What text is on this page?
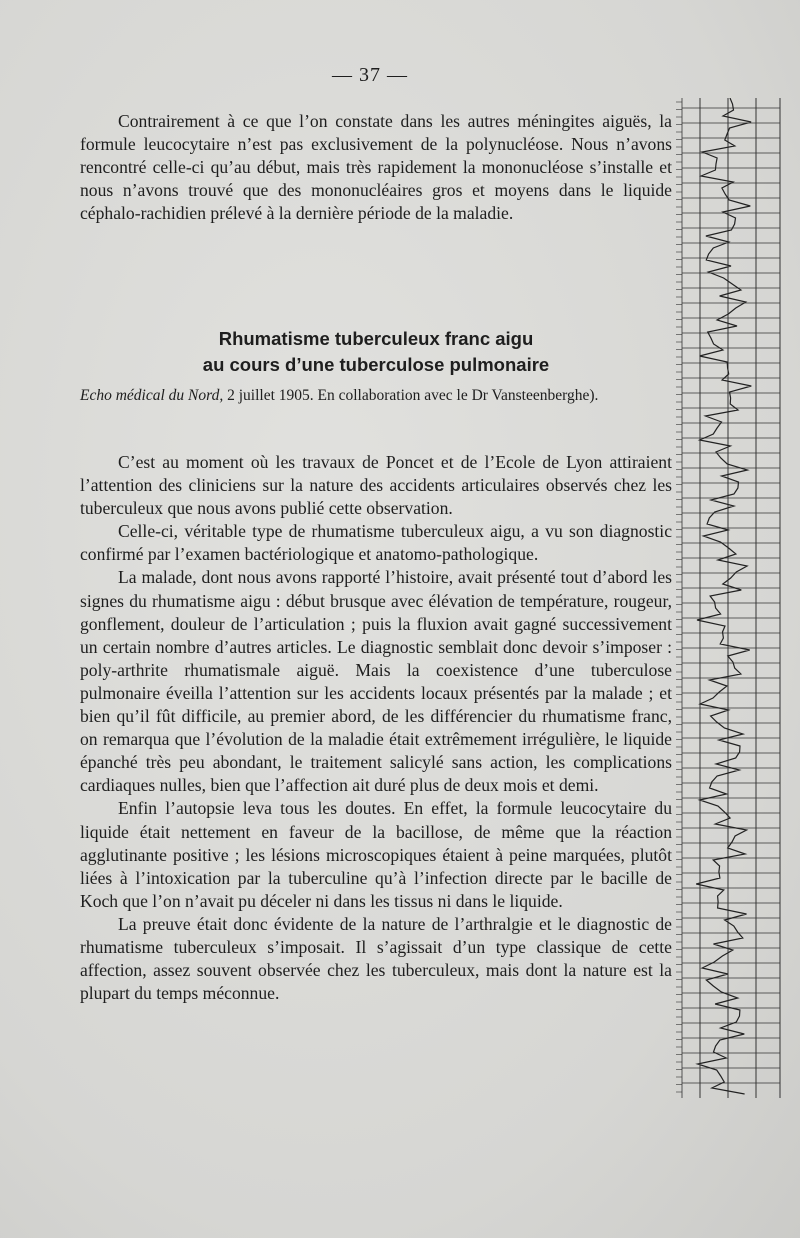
— 37 —

Contrairement à ce que l’on constate dans les autres méningites aiguës, la formule leucocytaire n’est pas exclusivement de la polynucléose. Nous n’avons rencontré celle-ci qu’au début, mais très rapidement la mononucléose s’installe et nous n’avons trouvé que des mononucléaires gros et moyens dans le liquide céphalo-rachidien prélevé à la dernière période de la maladie.

Rhumatisme tuberculeux franc aigu
au cours d’une tuberculose pulmonaire
Echo médical du Nord, 2 juillet 1905. En collaboration avec le Dr Vansteenberghe).

C’est au moment où les travaux de Poncet et de l’Ecole de Lyon attiraient l’attention des cliniciens sur la nature des accidents articulaires observés chez les tuberculeux que nous avons publié cette observation.

Celle-ci, véritable type de rhumatisme tuberculeux aigu, a vu son diagnostic confirmé par l’examen bactériologique et anatomo-pathologique.

La malade, dont nous avons rapporté l’histoire, avait présenté tout d’abord les signes du rhumatisme aigu : début brusque avec élévation de température, rougeur, gonflement, douleur de l’articulation ; puis la fluxion avait gagné successivement un certain nombre d’autres articles. Le diagnostic semblait donc devoir s’imposer : poly-arthrite rhumatismale aiguë. Mais la coexistence d’une tuberculose pulmonaire éveilla l’attention sur les accidents locaux présentés par la malade ; et bien qu’il fût difficile, au premier abord, de les différencier du rhumatisme franc, on remarqua que l’évolution de la maladie était extrêmement irrégulière, le liquide épanché très peu abondant, le traitement salicylé sans action, les complications cardiaques nulles, bien que l’affection ait duré plus de deux mois et demi.

Enfin l’autopsie leva tous les doutes. En effet, la formule leucocytaire du liquide était nettement en faveur de la bacillose, de même que la réaction agglutinante positive ; les lésions microscopiques étaient à peine marquées, plutôt liées à l’intoxication par la tuberculine qu’à l’infection directe par le bacille de Koch que l’on n’avait pu déceler ni dans les tissus ni dans le liquide.

La preuve était donc évidente de la nature de l’arthralgie et le diagnostic de rhumatisme tuberculeux s’imposait. Il s’agissait d’un type classique de cette affection, assez souvent observée chez les tuberculeux, mais dont la nature est la plupart du temps méconnue.
